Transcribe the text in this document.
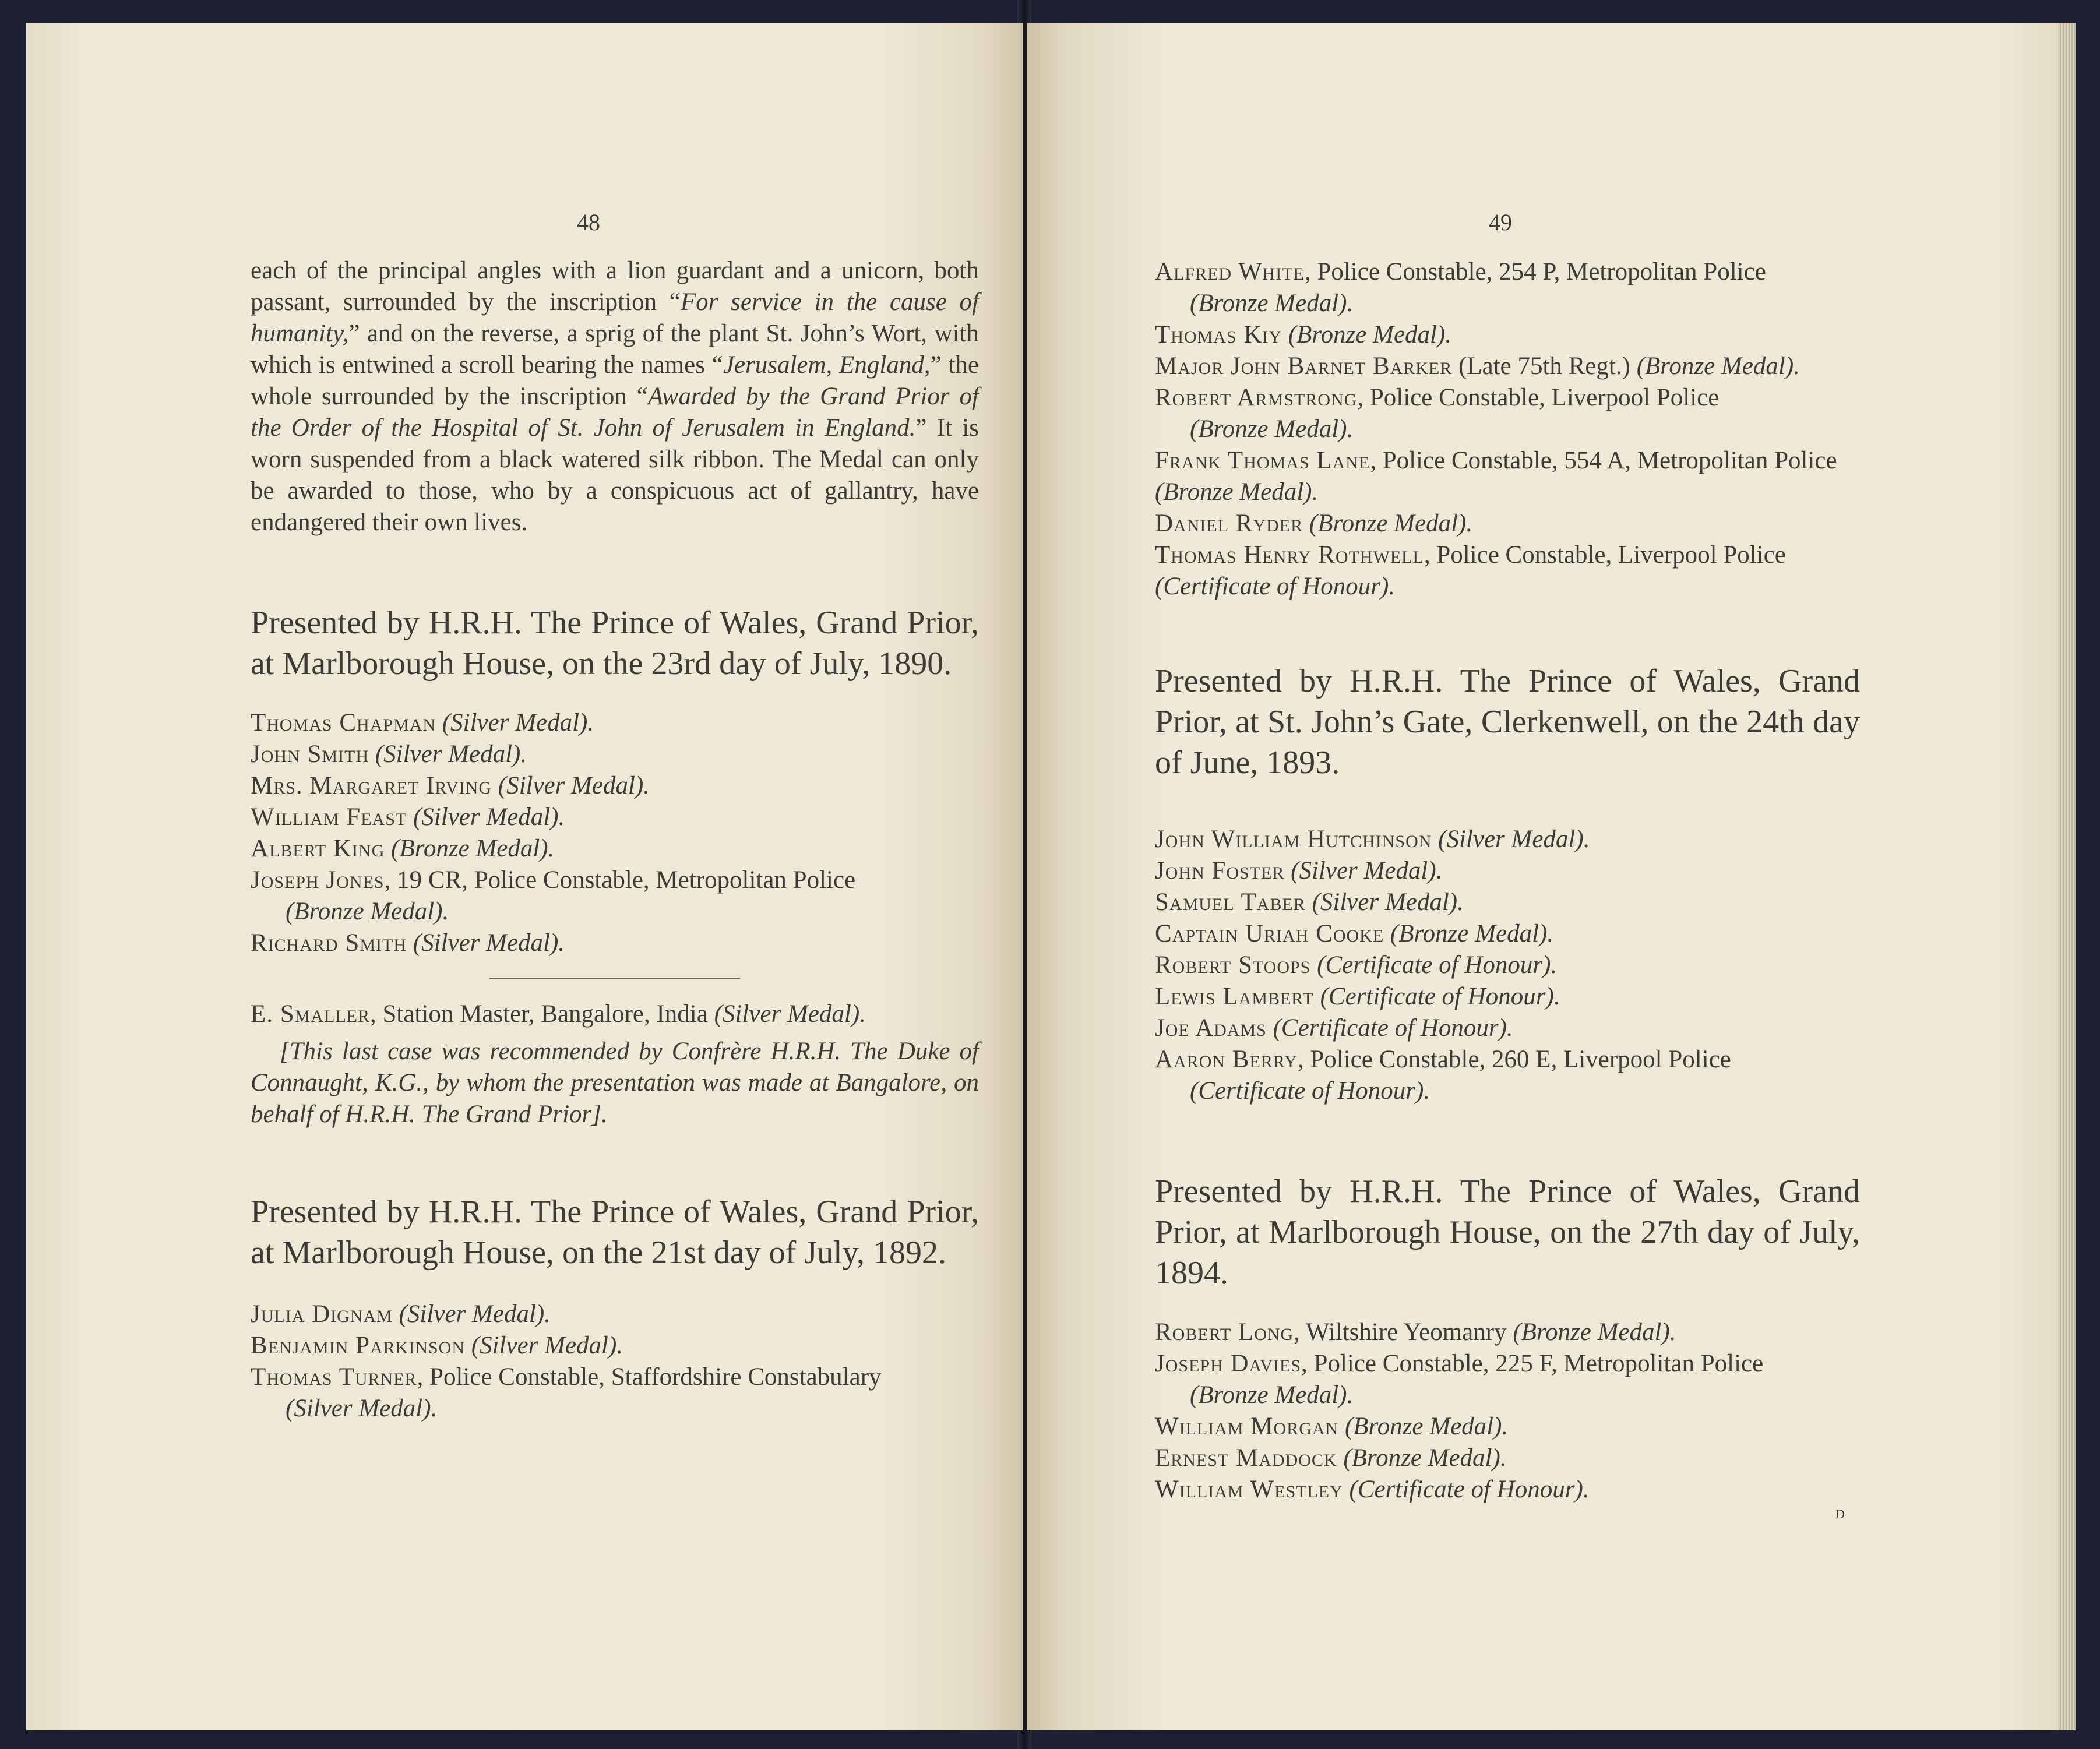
48

each of the principal angles with a lion guardant and a unicorn, both passant, surrounded by the inscription “For service in the cause of humanity,” and on the reverse, a sprig of the plant St. John’s Wort, with which is entwined a scroll bearing the names “Jerusalem, England,” the whole surrounded by the inscription “Awarded by the Grand Prior of the Order of the Hospital of St. John of Jerusalem in England.” It is worn suspended from a black watered silk ribbon. The Medal can only be awarded to those, who by a conspicuous act of gallantry, have endangered their own lives.

Presented by H.R.H. The Prince of Wales, Grand Prior, at Marlborough House, on the 23rd day of July, 1890.

Thomas Chapman (Silver Medal).
John Smith (Silver Medal).
Mrs. Margaret Irving (Silver Medal).
William Feast (Silver Medal).
Albert King (Bronze Medal).
Joseph Jones, 19 CR, Police Constable, Metropolitan Police
(Bronze Medal).
Richard Smith (Silver Medal).
E. Smaller, Station Master, Bangalore, India (Silver Medal).

[This last case was recommended by Confrère H.R.H. The Duke of Connaught, K.G., by whom the presentation was made at Bangalore, on behalf of H.R.H. The Grand Prior].

Presented by H.R.H. The Prince of Wales, Grand Prior, at Marlborough House, on the 21st day of July, 1892.

Julia Dignam (Silver Medal).
Benjamin Parkinson (Silver Medal).
Thomas Turner, Police Constable, Staffordshire Constabulary
(Silver Medal).
49
Alfred White, Police Constable, 254 P, Metropolitan Police
(Bronze Medal).
Thomas Kiy (Bronze Medal).
Major John Barnet Barker (Late 75th Regt.) (Bronze Medal).
Robert Armstrong, Police Constable, Liverpool Police
(Bronze Medal).
Frank Thomas Lane, Police Constable, 554 A, Metropolitan Police (Bronze Medal).
Daniel Ryder (Bronze Medal).
Thomas Henry Rothwell, Police Constable, Liverpool Police (Certificate of Honour).

Presented by H.R.H. The Prince of Wales, Grand Prior, at St. John’s Gate, Clerkenwell, on the 24th day of June, 1893.

John William Hutchinson (Silver Medal).
John Foster (Silver Medal).
Samuel Taber (Silver Medal).
Captain Uriah Cooke (Bronze Medal).
Robert Stoops (Certificate of Honour).
Lewis Lambert (Certificate of Honour).
Joe Adams (Certificate of Honour).
Aaron Berry, Police Constable, 260 E, Liverpool Police
(Certificate of Honour).

Presented by H.R.H. The Prince of Wales, Grand Prior, at Marlborough House, on the 27th day of July, 1894.

Robert Long, Wiltshire Yeomanry (Bronze Medal).
Joseph Davies, Police Constable, 225 F, Metropolitan Police
(Bronze Medal).
William Morgan (Bronze Medal).
Ernest Maddock (Bronze Medal).
William Westley (Certificate of Honour).
D
